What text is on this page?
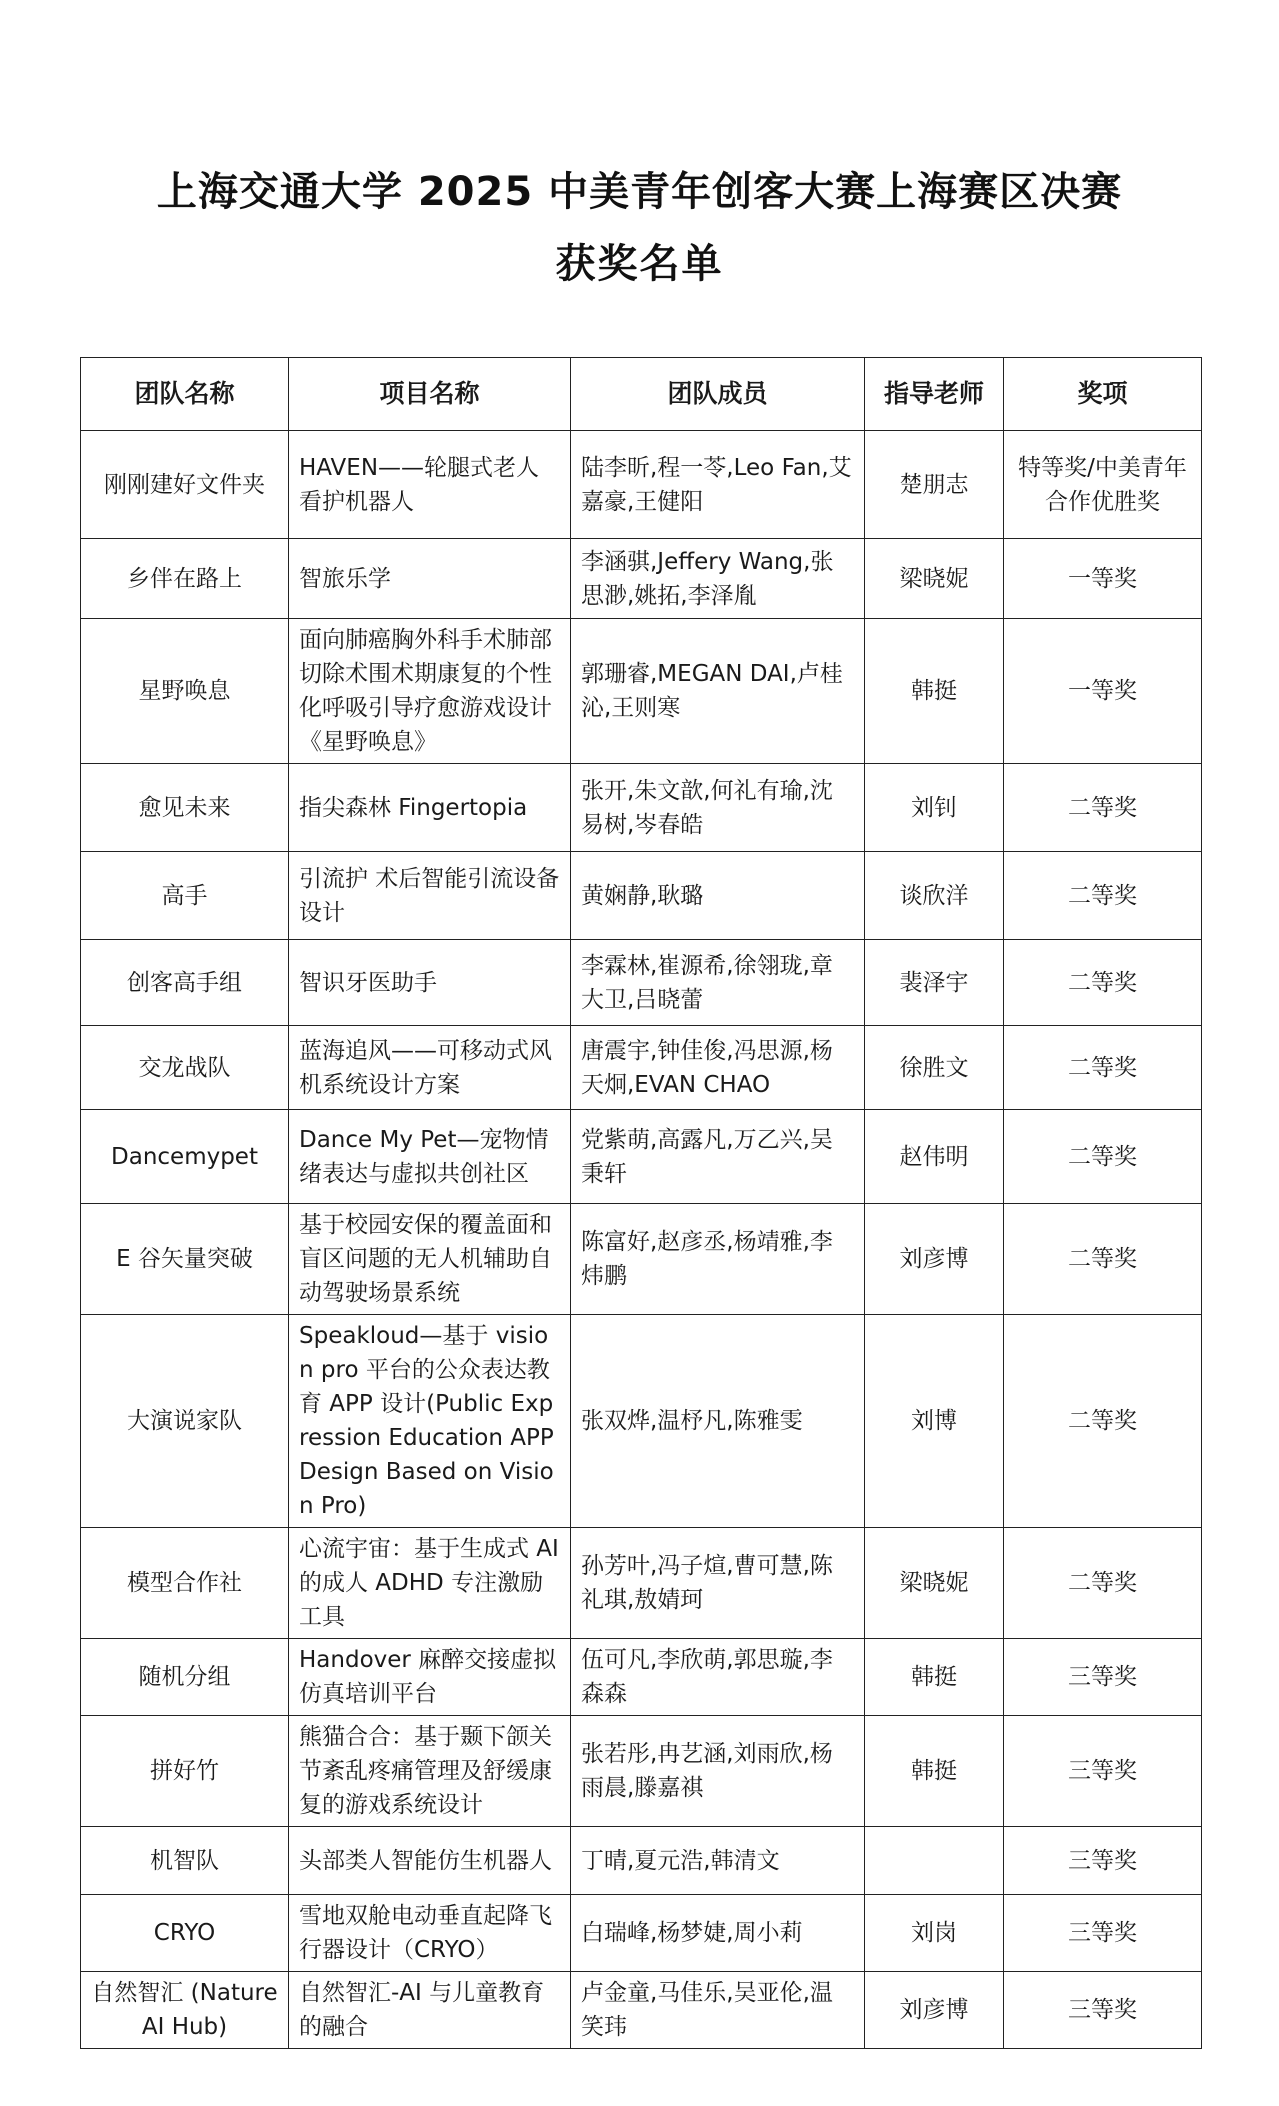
上海交通大学 2025 中美青年创客大赛上海赛区决赛
获奖名单
团队名称	项目名称	团队成员	指导老师	奖项
刚刚建好文件夹	HAVEN——轮腿式老人看护机器人	陆李昕,程一苓,Leo Fan,艾嘉豪,王健阳	楚朋志	特等奖/中美青年合作优胜奖
乡伴在路上	智旅乐学	李涵骐,Jeffery Wang,张思渺,姚拓,李泽胤	梁晓妮	一等奖
星野唤息	面向肺癌胸外科手术肺部切除术围术期康复的个性化呼吸引导疗愈游戏设计《星野唤息》	郭珊睿,MEGAN DAI,卢桂沁,王则寒	韩挺	一等奖
愈见未来	指尖森林 Fingertopia	张开,朱文歆,何礼有瑜,沈易树,岑春皓	刘钊	二等奖
高手	引流护 术后智能引流设备设计	黄娴静,耿璐	谈欣洋	二等奖
创客高手组	智识牙医助手	李霖林,崔源希,徐翎珑,章大卫,吕晓蕾	裴泽宇	二等奖
交龙战队	蓝海追风——可移动式风机系统设计方案	唐震宇,钟佳俊,冯思源,杨天炯,EVAN CHAO	徐胜文	二等奖
Dancemypet	Dance My Pet—宠物情绪表达与虚拟共创社区	党紫萌,高露凡,万乙兴,吴秉轩	赵伟明	二等奖
E 谷矢量突破	基于校园安保的覆盖面和盲区问题的无人机辅助自动驾驶场景系统	陈富好,赵彦丞,杨靖雅,李炜鹏	刘彦博	二等奖
大演说家队	Speakloud—基于 vision pro 平台的公众表达教育 APP 设计(Public Expression Education APP Design Based on Vision Pro)	张双烨,温杼凡,陈雅雯	刘博	二等奖
模型合作社	心流宇宙：基于生成式 AI 的成人 ADHD 专注激励工具	孙芳叶,冯子煊,曹可慧,陈礼琪,敖婧珂	梁晓妮	二等奖
随机分组	Handover 麻醉交接虚拟仿真培训平台	伍可凡,李欣萌,郭思璇,李森森	韩挺	三等奖
拼好竹	熊猫合合：基于颞下颌关节紊乱疼痛管理及舒缓康复的游戏系统设计	张若彤,冉艺涵,刘雨欣,杨雨晨,滕嘉祺	韩挺	三等奖
机智队	头部类人智能仿生机器人	丁晴,夏元浩,韩清文		三等奖
CRYO	雪地双舱电动垂直起降飞行器设计（CRYO）	白瑞峰,杨梦婕,周小莉	刘岗	三等奖
自然智汇 (Nature AI Hub)	自然智汇-AI 与儿童教育的融合	卢金童,马佳乐,吴亚伦,温笑玮	刘彦博	三等奖
